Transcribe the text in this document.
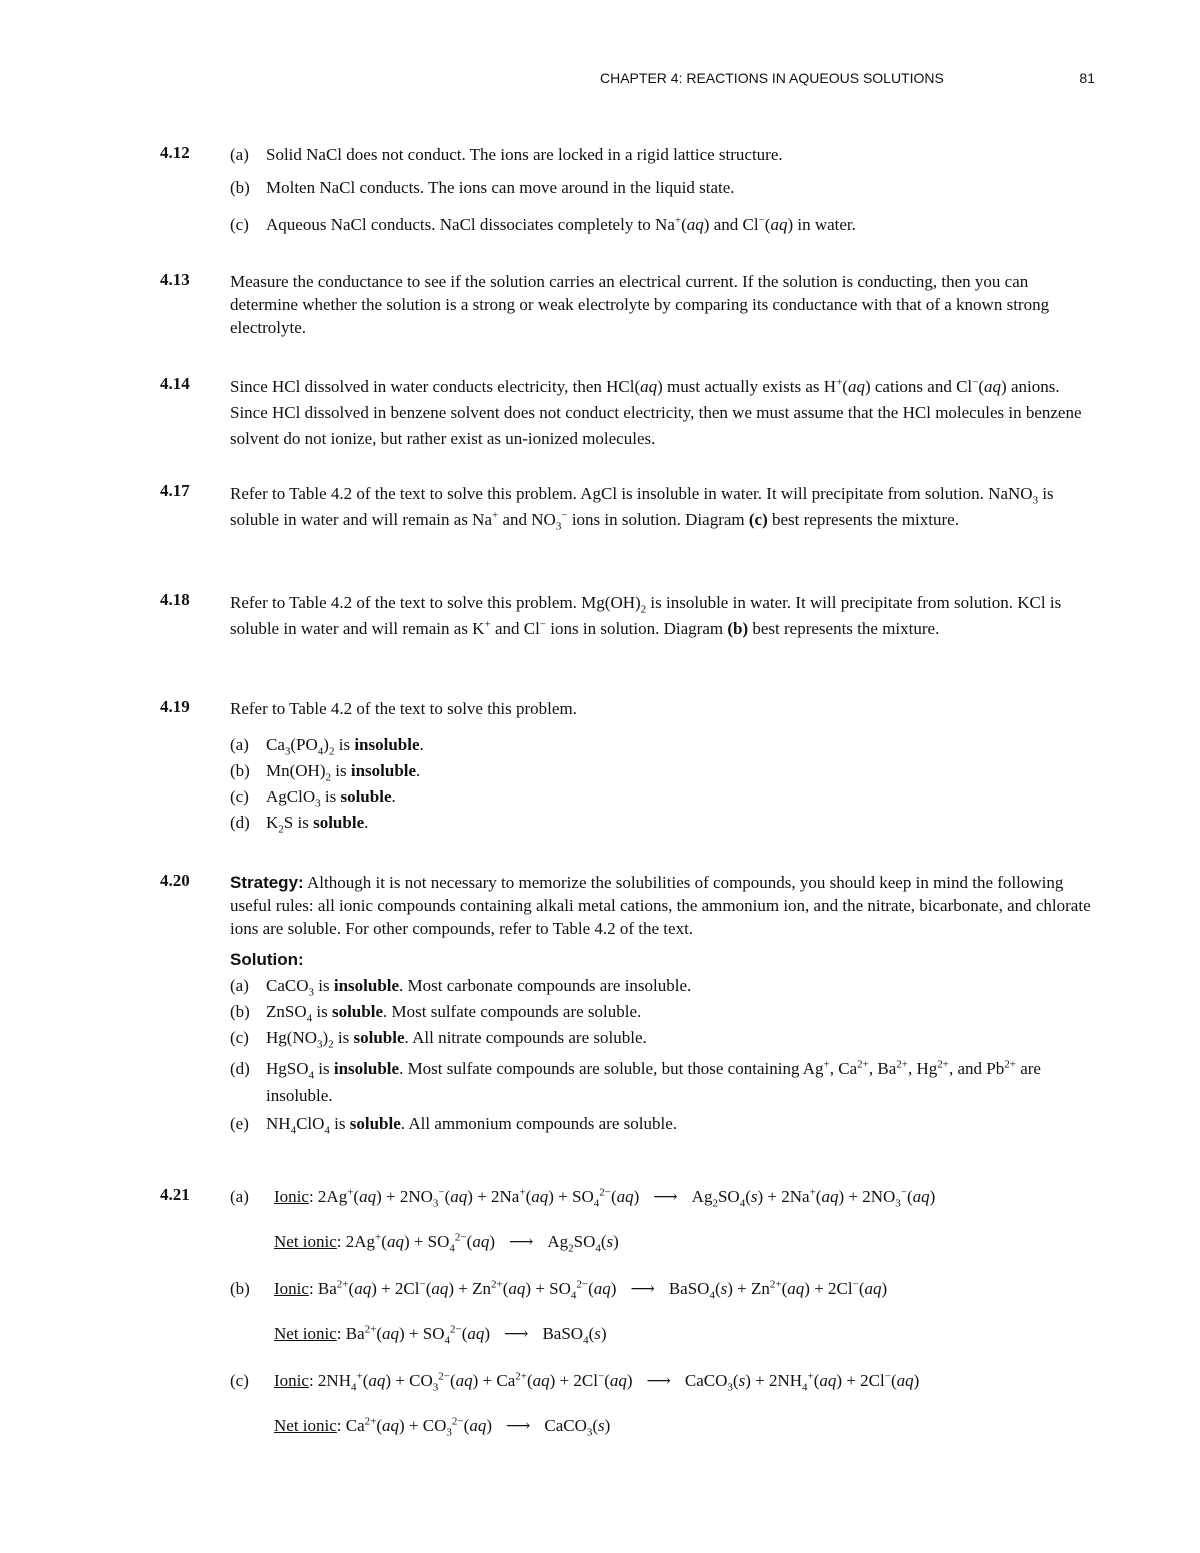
CHAPTER 4: REACTIONS IN AQUEOUS SOLUTIONS	81
4.12 (a)	Solid NaCl does not conduct. The ions are locked in a rigid lattice structure.
(b) Molten NaCl conducts. The ions can move around in the liquid state.
(c)	Aqueous NaCl conducts. NaCl dissociates completely to Na+(aq) and Cl−(aq) in water.
4.13 Measure the conductance to see if the solution carries an electrical current. If the solution is conducting, then you can determine whether the solution is a strong or weak electrolyte by comparing its conductance with that of a known strong electrolyte.
4.14 Since HCl dissolved in water conducts electricity, then HCl(aq) must actually exists as H+(aq) cations and Cl−(aq) anions. Since HCl dissolved in benzene solvent does not conduct electricity, then we must assume that the HCl molecules in benzene solvent do not ionize, but rather exist as un-ionized molecules.
4.17 Refer to Table 4.2 of the text to solve this problem. AgCl is insoluble in water. It will precipitate from solution. NaNO$_3$ is soluble in water and will remain as Na+ and $NO_3^-$ ions in solution. Diagram (c) best represents the mixture.
4.18 Refer to Table 4.2 of the text to solve this problem. $Mg(OH)_2$ is insoluble in water. It will precipitate from solution. KCl is soluble in water and will remain as K+ and Cl− ions in solution. Diagram (b) best represents the mixture.
4.19 Refer to Table 4.2 of the text to solve this problem.
(a)	$Ca_3(PO_4)_2$ is insoluble.
(b) $Mn(OH)_2$ is insoluble.
(c)	AgClO$_3$ is soluble.
(d) $K_2S$ is soluble.
4.20 Strategy: Although it is not necessary to memorize the solubilities of compounds, you should keep in mind the following useful rules: all ionic compounds containing alkali metal cations, the ammonium ion, and the nitrate, bicarbonate, and chlorate ions are soluble. For other compounds, refer to Table 4.2 of the text.
Solution:
(a)	CaCO$_3$ is insoluble. Most carbonate compounds are insoluble.
(b) ZnSO$_4$ is soluble. Most sulfate compounds are soluble.
(c)	$Hg(NO_3)_2$ is soluble. All nitrate compounds are soluble.
(d) HgSO$_4$ is insoluble. Most sulfate compounds are soluble, but those containing Ag+, $Ca^{2+}$, $Ba^{2+}$, $Hg^{2+}$, and $Pb^{2+}$ are insoluble.
(e)	$NH_4ClO_4$ is soluble. All ammonium compounds are soluble.
4.21 (a)	Ionic: $2Ag^+(aq) + 2NO_3^-(aq) + 2Na^+(aq) + SO_4^{2-}(aq)$ ⟶ $Ag_2SO_4(s) + 2Na^+(aq) + 2NO_3^-(aq)$
Net ionic: $2Ag^+(aq) + SO_4^{2-}(aq)$ ⟶ $Ag_2SO_4(s)$
(b)	Ionic: $Ba^{2+}(aq) + 2Cl^-(aq) + Zn^{2+}(aq) + SO_4^{2-}(aq)$ ⟶ BaSO$_4$(s) + $Zn^{2+}(aq) + 2Cl^-(aq)$
Net ionic: $Ba^{2+}(aq) + SO_4^{2-}(aq)$ ⟶ BaSO$_4$(s)
(c)	Ionic: $2NH_4^+(aq) + CO_3^{2-}(aq) + Ca^{2+}(aq) + 2Cl^-(aq)$ ⟶ CaCO$_3$(s) + $2NH_4^+(aq) + 2Cl^-(aq)$
Net ionic: $Ca^{2+}(aq) + CO_3^{2-}(aq)$ ⟶ CaCO$_3$(s)
